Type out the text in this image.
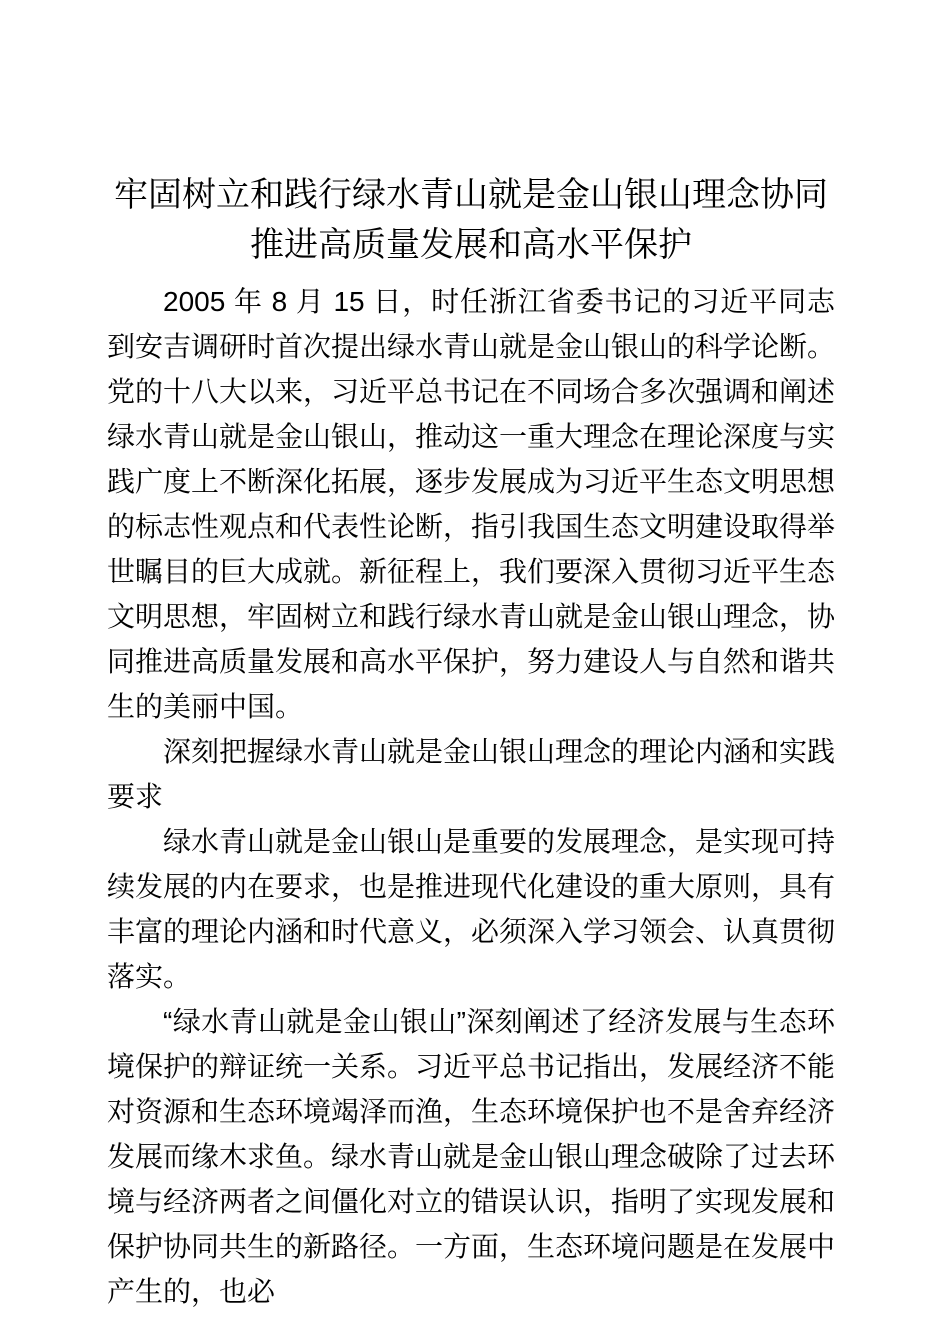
牢固树立和践行绿水青山就是金山银山理念协同推进高质量发展和高水平保护

2005 年 8 月 15 日，时任浙江省委书记的习近平同志到安吉调研时首次提出绿水青山就是金山银山的科学论断。党的十八大以来，习近平总书记在不同场合多次强调和阐述绿水青山就是金山银山，推动这一重大理念在理论深度与实践广度上不断深化拓展，逐步发展成为习近平生态文明思想的标志性观点和代表性论断，指引我国生态文明建设取得举世瞩目的巨大成就。新征程上，我们要深入贯彻习近平生态文明思想，牢固树立和践行绿水青山就是金山银山理念，协同推进高质量发展和高水平保护，努力建设人与自然和谐共生的美丽中国。

深刻把握绿水青山就是金山银山理念的理论内涵和实践要求

绿水青山就是金山银山是重要的发展理念，是实现可持续发展的内在要求，也是推进现代化建设的重大原则，具有丰富的理论内涵和时代意义，必须深入学习领会、认真贯彻落实。

“绿水青山就是金山银山”深刻阐述了经济发展与生态环境保护的辩证统一关系。习近平总书记指出，发展经济不能对资源和生态环境竭泽而渔，生态环境保护也不是舍弃经济发展而缘木求鱼。绿水青山就是金山银山理念破除了过去环境与经济两者之间僵化对立的错误认识，指明了实现发展和保护协同共生的新路径。一方面，生态环境问题是在发展中产生的，也必
